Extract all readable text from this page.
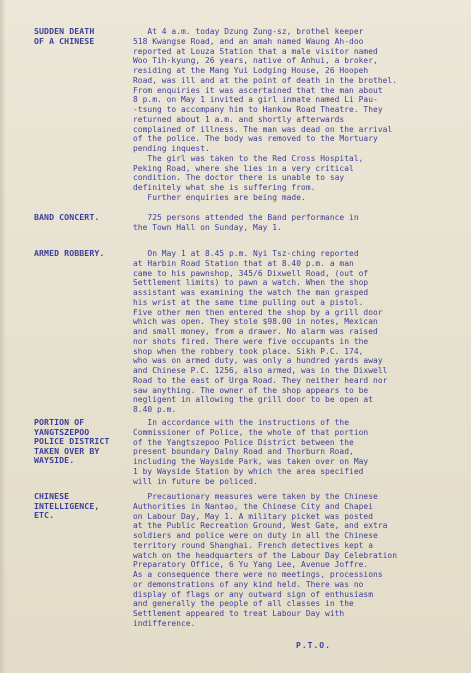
SUDDEN DEATH
OF A CHINESE
At 4 a.m. today Dzung Zung-sz, brothel keeper
518 Kwangse Road, and an amah named Waung Ah-doo
reported at Louza Station that a male visitor named
Woo Tih-kyung, 26 years, native of Anhui, a broker,
residing at the Mang Yui Lodging House, 26 Hoopeh
Road, was ill and at the point of death in the brothel.
From enquiries it was ascertained that the man about
8 p.m. on May 1 invited a girl inmate named Li Pau-
-tsung to accompany him to Hankow Road Theatre. They
returned about 1 a.m. and shortly afterwards
complained of illness. The man was dead on the arrival
of the police. The body was removed to the Mortuary
pending inquest.
The girl was taken to the Red Cross Hospital,
Peking Road, where she lies in a very critical
condition. The doctor there is unable to say
definitely what she is suffering from.
Further enquiries are being made.
BAND CONCERT.	725 persons attended the Band performance in
the Town Hall on Sunday, May 1.
ARMED ROBBERY.	On May 1 at 8.45 p.m. Nyi Tsz-ching reported
at Harbin Road Station that at 8.40 p.m. a man
came to his pawnshop, 345/6 Dixwell Road, (out of
Settlement limits) to pawn a watch. When the shop
assistant was examining the watch the man grasped
his wrist at the same time pulling out a pistol.
Five other men then entered the shop by a grill door
which was open. They stole $98.00 in notes, Mexican
and small money, from a drawer. No alarm was raised
nor shots fired. There were five occupants in the
shop when the robbery took place. Sikh P.C. 174,
who was on armed duty, was only a hundred yards away
and Chinese P.C. 1256, also armed, was in the Dixwell
Road to the east of Urga Road. They neither heard nor
saw anything. The owner of the shop appears to be
negligent in allowing the grill door to be open at
8.40 p.m.
PORTION OF
YANGTSZEPOO
POLICE DISTRICT
TAKEN OVER BY
WAYSIDE.
In accordance with the instructions of the
Commissioner of Police, the whole of that portion
of the Yangtszepoo Police District between the
present boundary Dalny Road and Thorburn Road,
including the Wayside Park, was taken over on May
1 by Wayside Station by which the area specified
will in future be policed.
CHINESE
INTELLIGENCE,
ETC.
Precautionary measures were taken by the Chinese
Authorities in Nantao, the Chinese City and Chapei
on Labour Day, May 1. A military picket was posted
at the Public Recreation Ground, West Gate, and extra
soldiers and police were on duty in all the Chinese
territory round Shanghai. French detectives kept a
watch on the headquarters of the Labour Day Celebration
Preparatory Office, 6 Yu Yang Lee, Avenue Joffre.
As a consequence there were no meetings, processions
or demonstrations of any kind held. There was no
display of flags or any outward sign of enthusiasm
and generally the people of all classes in the
Settlement appeared to treat Labour Day with
indifference.
P.T.O.
